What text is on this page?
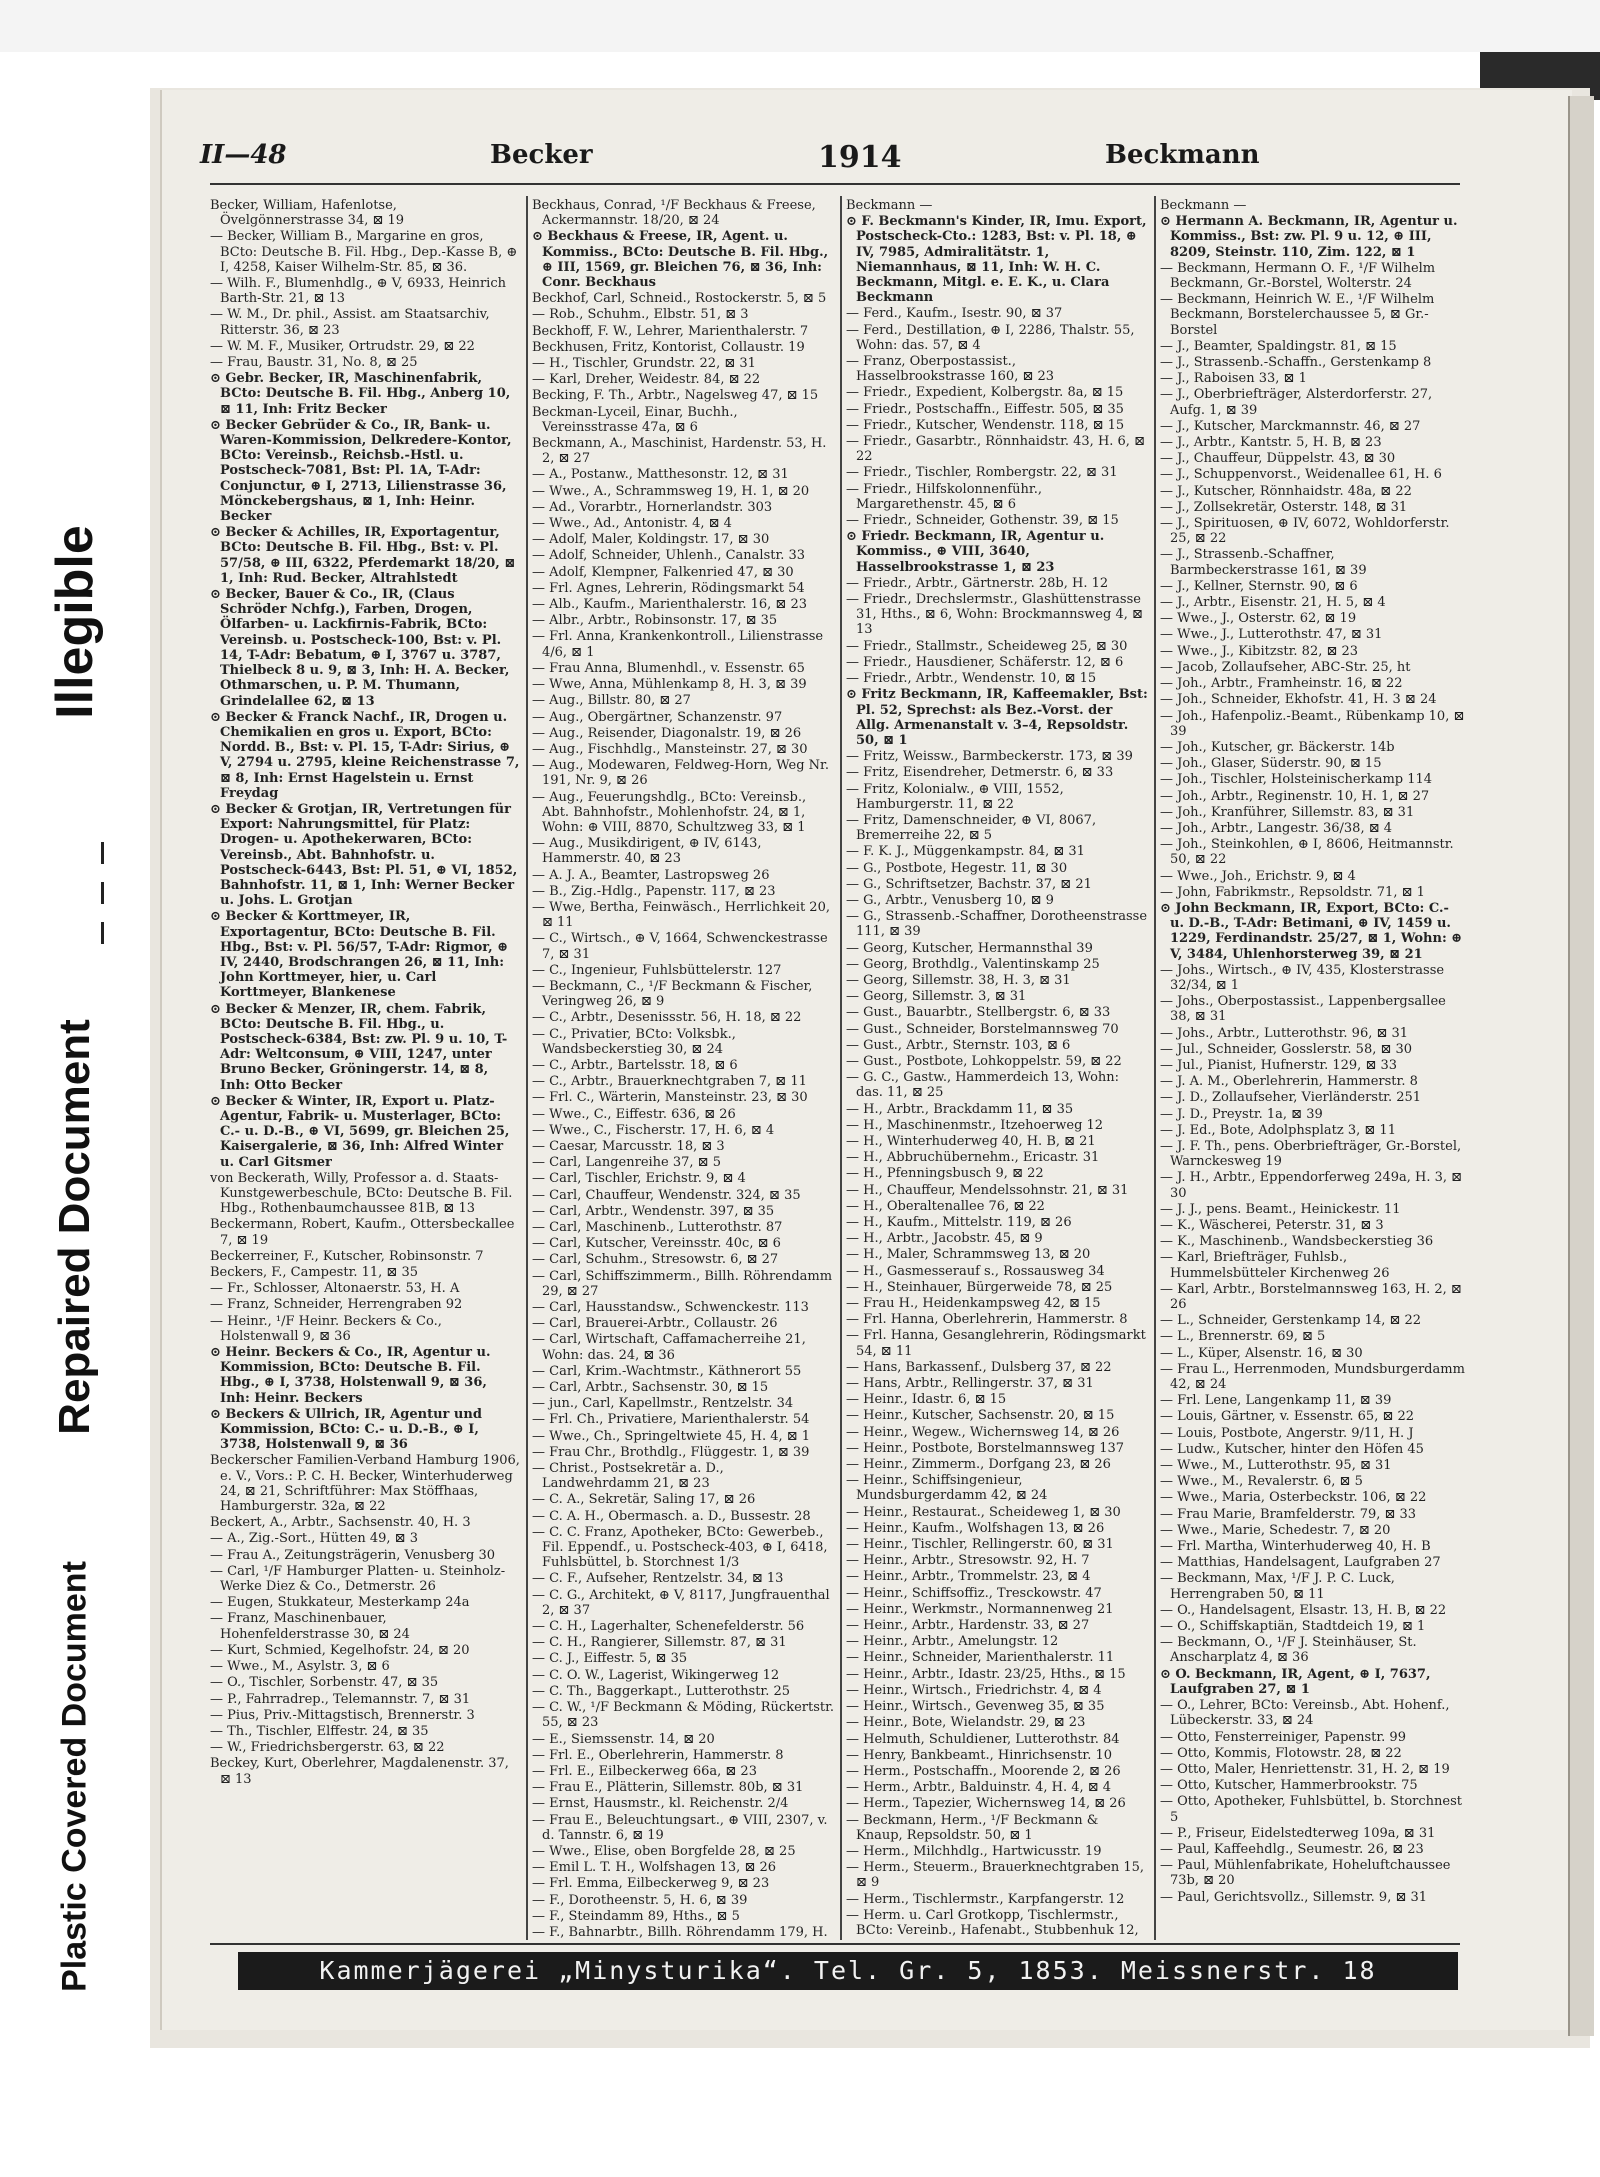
Illegible
Repaired Document
Plastic Covered Document
II—48	Becker	1914	Beckmann
Becker, William, Hafenlotse, Övelgönnerstrasse 34, ⊠ 19
— Becker, William B., Margarine en gros, BCto: Deutsche B. Fil. Hbg., Dep.-Kasse B, ⊕ I, 4258, Kaiser Wilhelm-Str. 85, ⊠ 36.
— Wilh. F., Blumenhdlg., ⊕ V, 6933, Heinrich Barth-Str. 21, ⊠ 13
— W. M., Dr. phil., Assist. am Staatsarchiv, Ritterstr. 36, ⊠ 23
— W. M. F., Musiker, Ortrudstr. 29, ⊠ 22
— Frau, Baustr. 31, No. 8, ⊠ 25
⊙ Gebr. Becker, IR, Maschinenfabrik, BCto: Deutsche B. Fil. Hbg., Anberg 10, ⊠ 11, Inh: Fritz Becker
⊙ Becker Gebrüder & Co., IR, Bank- u. Waren-Kommission, Delkredere-Kontor, BCto: Vereinsb., Reichsb.-Hstl. u. Postscheck-7081, Bst: Pl. 1A, T-Adr: Conjunctur, ⊕ I, 2713, Lilienstrasse 36, Mönckebergshaus, ⊠ 1, Inh: Heinr. Becker
⊙ Becker & Achilles, IR, Exportagentur, BCto: Deutsche B. Fil. Hbg., Bst: v. Pl. 57/58, ⊕ III, 6322, Pferdemarkt 18/20, ⊠ 1, Inh: Rud. Becker, Altrahlstedt
⊙ Becker, Bauer & Co., IR, (Claus Schröder Nchfg.), Farben, Drogen, Ölfarben- u. Lackfirnis-Fabrik, BCto: Vereinsb. u. Postscheck-100, Bst: v. Pl. 14, T-Adr: Bebatum, ⊕ I, 3767 u. 3787, Thielbeck 8 u. 9, ⊠ 3, Inh: H. A. Becker, Othmarschen, u. P. M. Thumann, Grindelallee 62, ⊠ 13
⊙ Becker & Franck Nachf., IR, Drogen u. Chemikalien en gros u. Export, BCto: Nordd. B., Bst: v. Pl. 15, T-Adr: Sirius, ⊕ V, 2794 u. 2795, kleine Reichenstrasse 7, ⊠ 8, Inh: Ernst Hagelstein u. Ernst Freydag
⊙ Becker & Grotjan, IR, Vertretungen für Export: Nahrungsmittel, für Platz: Drogen- u. Apothekerwaren, BCto: Vereinsb., Abt. Bahnhofstr. u. Postscheck-6443, Bst: Pl. 51, ⊕ VI, 1852, Bahnhofstr. 11, ⊠ 1, Inh: Werner Becker u. Johs. L. Grotjan
⊙ Becker & Korttmeyer, IR, Exportagentur, BCto: Deutsche B. Fil. Hbg., Bst: v. Pl. 56/57, T-Adr: Rigmor, ⊕ IV, 2440, Brodschrangen 26, ⊠ 11, Inh: John Korttmeyer, hier, u. Carl Korttmeyer, Blankenese
⊙ Becker & Menzer, IR, chem. Fabrik, BCto: Deutsche B. Fil. Hbg., u. Postscheck-6384, Bst: zw. Pl. 9 u. 10, T-Adr: Weltconsum, ⊕ VIII, 1247, unter Bruno Becker, Gröningerstr. 14, ⊠ 8, Inh: Otto Becker
⊙ Becker & Winter, IR, Export u. Platz-Agentur, Fabrik- u. Musterlager, BCto: C.- u. D.-B., ⊕ VI, 5699, gr. Bleichen 25, Kaisergalerie, ⊠ 36, Inh: Alfred Winter u. Carl Gitsmer
von Beckerath, Willy, Professor a. d. Staats-Kunstgewerbeschule, BCto: Deutsche B. Fil. Hbg., Rothenbaumchaussee 81B, ⊠ 13
Beckermann, Robert, Kaufm., Ottersbeckallee 7, ⊠ 19
Beckerreiner, F., Kutscher, Robinsonstr. 7
Beckers, F., Campestr. 11, ⊠ 35
— Fr., Schlosser, Altonaerstr. 53, H. A
— Franz, Schneider, Herrengraben 92
— Heinr., ¹/F Heinr. Beckers & Co., Holstenwall 9, ⊠ 36
⊙ Heinr. Beckers & Co., IR, Agentur u. Kommission, BCto: Deutsche B. Fil. Hbg., ⊕ I, 3738, Holstenwall 9, ⊠ 36, Inh: Heinr. Beckers
⊙ Beckers & Ullrich, IR, Agentur und Kommission, BCto: C.- u. D.-B., ⊕ I, 3738, Holstenwall 9, ⊠ 36
Beckerscher Familien-Verband Hamburg 1906, e. V., Vors.: P. C. H. Becker, Winterhuderweg 24, ⊠ 21, Schriftführer: Max Stöffhaas, Hamburgerstr. 32a, ⊠ 22
Beckert, A., Arbtr., Sachsenstr. 40, H. 3
— A., Zig.-Sort., Hütten 49, ⊠ 3
— Frau A., Zeitungsträgerin, Venusberg 30
— Carl, ¹/F Hamburger Platten- u. Steinholz-Werke Diez & Co., Detmerstr. 26
— Eugen, Stukkateur, Mesterkamp 24a
— Franz, Maschinenbauer, Hohenfelderstrasse 30, ⊠ 24
— Kurt, Schmied, Kegelhofstr. 24, ⊠ 20
— Wwe., M., Asylstr. 3, ⊠ 6
— O., Tischler, Sorbenstr. 47, ⊠ 35
— P., Fahrradrep., Telemannstr. 7, ⊠ 31
— Pius, Priv.-Mittagstisch, Brennerstr. 3
— Th., Tischler, Elffestr. 24, ⊠ 35
— W., Friedrichsbergerstr. 63, ⊠ 22
Beckey, Kurt, Oberlehrer, Magdalenenstr. 37, ⊠ 13
Beckhaus, Conrad, ¹/F Beckhaus & Freese, Ackermannstr. 18/20, ⊠ 24
⊙ Beckhaus & Freese, IR, Agent. u. Kommiss., BCto: Deutsche B. Fil. Hbg., ⊕ III, 1569, gr. Bleichen 76, ⊠ 36, Inh: Conr. Beckhaus
Beckhof, Carl, Schneid., Rostockerstr. 5, ⊠ 5
— Rob., Schuhm., Elbstr. 51, ⊠ 3
Beckhoff, F. W., Lehrer, Marienthalerstr. 7
Beckhusen, Fritz, Kontorist, Collaustr. 19
— H., Tischler, Grundstr. 22, ⊠ 31
— Karl, Dreher, Weidestr. 84, ⊠ 22
Becking, F. Th., Arbtr., Nagelsweg 47, ⊠ 15
Beckman-Lyceil, Einar, Buchh., Vereinsstrasse 47a, ⊠ 6
Beckmann, A., Maschinist, Hardenstr. 53, H. 2, ⊠ 27
— A., Postanw., Matthesonstr. 12, ⊠ 31
— Wwe., A., Schrammsweg 19, H. 1, ⊠ 20
— Ad., Vorarbtr., Hornerlandstr. 303
— Wwe., Ad., Antonistr. 4, ⊠ 4
— Adolf, Maler, Koldingstr. 17, ⊠ 30
— Adolf, Schneider, Uhlenh., Canalstr. 33
— Adolf, Klempner, Falkenried 47, ⊠ 30
— Frl. Agnes, Lehrerin, Rödingsmarkt 54
— Alb., Kaufm., Marienthalerstr. 16, ⊠ 23
— Albr., Arbtr., Robinsonstr. 17, ⊠ 35
— Frl. Anna, Krankenkontroll., Lilienstrasse 4/6, ⊠ 1
— Frau Anna, Blumenhdl., v. Essenstr. 65
— Wwe, Anna, Mühlenkamp 8, H. 3, ⊠ 39
— Aug., Billstr. 80, ⊠ 27
— Aug., Obergärtner, Schanzenstr. 97
— Aug., Reisender, Diagonalstr. 19, ⊠ 26
— Aug., Fischhdlg., Mansteinstr. 27, ⊠ 30
— Aug., Modewaren, Feldweg-Horn, Weg Nr. 191, Nr. 9, ⊠ 26
— Aug., Feuerungshdlg., BCto: Vereinsb., Abt. Bahnhofstr., Mohlenhofstr. 24, ⊠ 1, Wohn: ⊕ VIII, 8870, Schultzweg 33, ⊠ 1
— Aug., Musikdirigent, ⊕ IV, 6143, Hammerstr. 40, ⊠ 23
— A. J. A., Beamter, Lastropsweg 26
— B., Zig.-Hdlg., Papenstr. 117, ⊠ 23
— Wwe, Bertha, Feinwäsch., Herrlichkeit 20, ⊠ 11
— C., Wirtsch., ⊕ V, 1664, Schwenckestrasse 7, ⊠ 31
— C., Ingenieur, Fuhlsbüttelerstr. 127
— Beckmann, C., ¹/F Beckmann & Fischer, Veringweg 26, ⊠ 9
— C., Arbtr., Desenissstr. 56, H. 18, ⊠ 22
— C., Privatier, BCto: Volksbk., Wandsbeckerstieg 30, ⊠ 24
— C., Arbtr., Bartelsstr. 18, ⊠ 6
— C., Arbtr., Brauerknechtgraben 7, ⊠ 11
— Frl. C., Wärterin, Mansteinstr. 23, ⊠ 30
— Wwe., C., Eiffestr. 636, ⊠ 26
— Wwe., C., Fischerstr. 17, H. 6, ⊠ 4
— Caesar, Marcusstr. 18, ⊠ 3
— Carl, Langenreihe 37, ⊠ 5
— Carl, Tischler, Erichstr. 9, ⊠ 4
— Carl, Chauffeur, Wendenstr. 324, ⊠ 35
— Carl, Arbtr., Wendenstr. 397, ⊠ 35
— Carl, Maschinenb., Lutterothstr. 87
— Carl, Kutscher, Vereinsstr. 40c, ⊠ 6
— Carl, Schuhm., Stresowstr. 6, ⊠ 27
— Carl, Schiffszimmerm., Billh. Röhrendamm 29, ⊠ 27
— Carl, Hausstandsw., Schwenckestr. 113
— Carl, Brauerei-Arbtr., Collaustr. 26
— Carl, Wirtschaft, Caffamacherreihe 21, Wohn: das. 24, ⊠ 36
— Carl, Krim.-Wachtmstr., Käthnerort 55
— Carl, Arbtr., Sachsenstr. 30, ⊠ 15
— jun., Carl, Kapellmstr., Rentzelstr. 34
— Frl. Ch., Privatiere, Marienthalerstr. 54
— Wwe., Ch., Springeltwiete 45, H. 4, ⊠ 1
— Frau Chr., Brothdlg., Flüggestr. 1, ⊠ 39
— Christ., Postsekretär a. D., Landwehrdamm 21, ⊠ 23
— C. A., Sekretär, Saling 17, ⊠ 26
— C. A. H., Obermasch. a. D., Bussestr. 28
— C. C. Franz, Apotheker, BCto: Gewerbeb., Fil. Eppendf., u. Postscheck-403, ⊕ I, 6418, Fuhlsbüttel, b. Storchnest 1/3
— C. F., Aufseher, Rentzelstr. 34, ⊠ 13
— C. G., Architekt, ⊕ V, 8117, Jungfrauenthal 2, ⊠ 37
— C. H., Lagerhalter, Schenefelderstr. 56
— C. H., Rangierer, Sillemstr. 87, ⊠ 31
— C. J., Eiffestr. 5, ⊠ 35
— C. O. W., Lagerist, Wikingerweg 12
— C. Th., Baggerkapt., Lutterothstr. 25
— C. W., ¹/F Beckmann & Möding, Rückertstr. 55, ⊠ 23
— E., Siemssenstr. 14, ⊠ 20
— Frl. E., Oberlehrerin, Hammerstr. 8
— Frl. E., Eilbeckerweg 66a, ⊠ 23
— Frau E., Plätterin, Sillemstr. 80b, ⊠ 31
— Ernst, Hausmstr., kl. Reichenstr. 2/4
— Frau E., Beleuchtungsart., ⊕ VIII, 2307, v. d. Tannstr. 6, ⊠ 19
— Wwe., Elise, oben Borgfelde 28, ⊠ 25
— Emil L. T. H., Wolfshagen 13, ⊠ 26
— Frl. Emma, Eilbeckerweg 9, ⊠ 23
— F., Dorotheenstr. 5, H. 6, ⊠ 39
— F., Steindamm 89, Hths., ⊠ 5
— F., Bahnarbtr., Billh. Röhrendamm 179, H.
Beckmann —
⊙ F. Beckmann's Kinder, IR, Imu. Export, Postscheck-Cto.: 1283, Bst: v. Pl. 18, ⊕ IV, 7985, Admiralitätstr. 1, Niemannhaus, ⊠ 11, Inh: W. H. C. Beckmann, Mitgl. e. E. K., u. Clara Beckmann
— Ferd., Kaufm., Isestr. 90, ⊠ 37
— Ferd., Destillation, ⊕ I, 2286, Thalstr. 55, Wohn: das. 57, ⊠ 4
— Franz, Oberpostassist., Hasselbrookstrasse 160, ⊠ 23
— Friedr., Expedient, Kolbergstr. 8a, ⊠ 15
— Friedr., Postschaffn., Eiffestr. 505, ⊠ 35
— Friedr., Kutscher, Wendenstr. 118, ⊠ 15
— Friedr., Gasarbtr., Rönnhaidstr. 43, H. 6, ⊠ 22
— Friedr., Tischler, Rombergstr. 22, ⊠ 31
— Friedr., Hilfskolonnenführ., Margarethenstr. 45, ⊠ 6
— Friedr., Schneider, Gothenstr. 39, ⊠ 15
⊙ Friedr. Beckmann, IR, Agentur u. Kommiss., ⊕ VIII, 3640, Hasselbrookstrasse 1, ⊠ 23
— Friedr., Arbtr., Gärtnerstr. 28b, H. 12
— Friedr., Drechslermstr., Glashüttenstrasse 31, Hths., ⊠ 6, Wohn: Brockmannsweg 4, ⊠ 13
— Friedr., Stallmstr., Scheideweg 25, ⊠ 30
— Friedr., Hausdiener, Schäferstr. 12, ⊠ 6
— Friedr., Arbtr., Wendenstr. 10, ⊠ 15
⊙ Fritz Beckmann, IR, Kaffeemakler, Bst: Pl. 52, Sprechst: als Bez.-Vorst. der Allg. Armenanstalt v. 3–4, Repsoldstr. 50, ⊠ 1
— Fritz, Weissw., Barmbeckerstr. 173, ⊠ 39
— Fritz, Eisendreher, Detmerstr. 6, ⊠ 33
— Fritz, Kolonialw., ⊕ VIII, 1552, Hamburgerstr. 11, ⊠ 22
— Fritz, Damenschneider, ⊕ VI, 8067, Bremerreihe 22, ⊠ 5
— F. K. J., Müggenkampstr. 84, ⊠ 31
— G., Postbote, Hegestr. 11, ⊠ 30
— G., Schriftsetzer, Bachstr. 37, ⊠ 21
— G., Arbtr., Venusberg 10, ⊠ 9
— G., Strassenb.-Schaffner, Dorotheenstrasse 111, ⊠ 39
— Georg, Kutscher, Hermannsthal 39
— Georg, Brothdlg., Valentinskamp 25
— Georg, Sillemstr. 38, H. 3, ⊠ 31
— Georg, Sillemstr. 3, ⊠ 31
— Gust., Bauarbtr., Stellbergstr. 6, ⊠ 33
— Gust., Schneider, Borstelmannsweg 70
— Gust., Arbtr., Sternstr. 103, ⊠ 6
— Gust., Postbote, Lohkoppelstr. 59, ⊠ 22
— G. C., Gastw., Hammerdeich 13, Wohn: das. 11, ⊠ 25
— H., Arbtr., Brackdamm 11, ⊠ 35
— H., Maschinenmstr., Itzehoerweg 12
— H., Winterhuderweg 40, H. B, ⊠ 21
— H., Abbruchübernehm., Ericastr. 31
— H., Pfenningsbusch 9, ⊠ 22
— H., Chauffeur, Mendelssohnstr. 21, ⊠ 31
— H., Oberaltenallee 76, ⊠ 22
— H., Kaufm., Mittelstr. 119, ⊠ 26
— H., Arbtr., Jacobstr. 45, ⊠ 9
— H., Maler, Schrammsweg 13, ⊠ 20
— H., Gasmesserauf s., Rossausweg 34
— H., Steinhauer, Bürgerweide 78, ⊠ 25
— Frau H., Heidenkampsweg 42, ⊠ 15
— Frl. Hanna, Oberlehrerin, Hammerstr. 8
— Frl. Hanna, Gesanglehrerin, Rödingsmarkt 54, ⊠ 11
— Hans, Barkassenf., Dulsberg 37, ⊠ 22
— Hans, Arbtr., Rellingerstr. 37, ⊠ 31
— Heinr., Idastr. 6, ⊠ 15
— Heinr., Kutscher, Sachsenstr. 20, ⊠ 15
— Heinr., Wegew., Wichernsweg 14, ⊠ 26
— Heinr., Postbote, Borstelmannsweg 137
— Heinr., Zimmerm., Dorfgang 23, ⊠ 26
— Heinr., Schiffsingenieur, Mundsburgerdamm 42, ⊠ 24
— Heinr., Restaurat., Scheideweg 1, ⊠ 30
— Heinr., Kaufm., Wolfshagen 13, ⊠ 26
— Heinr., Tischler, Rellingerstr. 60, ⊠ 31
— Heinr., Arbtr., Stresowstr. 92, H. 7
— Heinr., Arbtr., Trommelstr. 23, ⊠ 4
— Heinr., Schiffsoffiz., Tresckowstr. 47
— Heinr., Werkmstr., Normannenweg 21
— Heinr., Arbtr., Hardenstr. 33, ⊠ 27
— Heinr., Arbtr., Amelungstr. 12
— Heinr., Schneider, Marienthalerstr. 11
— Heinr., Arbtr., Idastr. 23/25, Hths., ⊠ 15
— Heinr., Wirtsch., Friedrichstr. 4, ⊠ 4
— Heinr., Wirtsch., Gevenweg 35, ⊠ 35
— Heinr., Bote, Wielandstr. 29, ⊠ 23
— Helmuth, Schuldiener, Lutterothstr. 84
— Henry, Bankbeamt., Hinrichsenstr. 10
— Herm., Postschaffn., Moorende 2, ⊠ 26
— Herm., Arbtr., Balduinstr. 4, H. 4, ⊠ 4
— Herm., Tapezier, Wichernsweg 14, ⊠ 26
— Beckmann, Herm., ¹/F Beckmann & Knaup, Repsoldstr. 50, ⊠ 1
— Herm., Milchhdlg., Hartwicusstr. 19
— Herm., Steuerm., Brauerknechtgraben 15, ⊠ 9
— Herm., Tischlermstr., Karpfangerstr. 12
— Herm. u. Carl Grotkopp, Tischlermstr., BCto: Vereinb., Hafenabt., Stubbenhuk 12,
Beckmann —
⊙ Hermann A. Beckmann, IR, Agentur u. Kommiss., Bst: zw. Pl. 9 u. 12, ⊕ III, 8209, Steinstr. 110, Zim. 122, ⊠ 1
— Beckmann, Hermann O. F., ¹/F Wilhelm Beckmann, Gr.-Borstel, Wolterstr. 24
— Beckmann, Heinrich W. E., ¹/F Wilhelm Beckmann, Borstelerchaussee 5, ⊠ Gr.-Borstel
— J., Beamter, Spaldingstr. 81, ⊠ 15
— J., Strassenb.-Schaffn., Gerstenkamp 8
— J., Raboisen 33, ⊠ 1
— J., Oberbriefträger, Alsterdorferstr. 27, Aufg. 1, ⊠ 39
— J., Kutscher, Marckmannstr. 46, ⊠ 27
— J., Arbtr., Kantstr. 5, H. B, ⊠ 23
— J., Chauffeur, Düppelstr. 43, ⊠ 30
— J., Schuppenvorst., Weidenallee 61, H. 6
— J., Kutscher, Rönnhaidstr. 48a, ⊠ 22
— J., Zollsekretär, Osterstr. 148, ⊠ 31
— J., Spirituosen, ⊕ IV, 6072, Wohldorferstr. 25, ⊠ 22
— J., Strassenb.-Schaffner, Barmbeckerstrasse 161, ⊠ 39
— J., Kellner, Sternstr. 90, ⊠ 6
— J., Arbtr., Eisenstr. 21, H. 5, ⊠ 4
— Wwe., J., Osterstr. 62, ⊠ 19
— Wwe., J., Lutterothstr. 47, ⊠ 31
— Wwe., J., Kibitzstr. 82, ⊠ 23
— Jacob, Zollaufseher, ABC-Str. 25, ht
— Joh., Arbtr., Framheinstr. 16, ⊠ 22
— Joh., Schneider, Ekhofstr. 41, H. 3 ⊠ 24
— Joh., Hafenpoliz.-Beamt., Rübenkamp 10, ⊠ 39
— Joh., Kutscher, gr. Bäckerstr. 14b
— Joh., Glaser, Süderstr. 90, ⊠ 15
— Joh., Tischler, Holsteinischerkamp 114
— Joh., Arbtr., Reginenstr. 10, H. 1, ⊠ 27
— Joh., Kranführer, Sillemstr. 83, ⊠ 31
— Joh., Arbtr., Langestr. 36/38, ⊠ 4
— Joh., Steinkohlen, ⊕ I, 8606, Heitmannstr. 50, ⊠ 22
— Wwe., Joh., Erichstr. 9, ⊠ 4
— John, Fabrikmstr., Repsoldstr. 71, ⊠ 1
⊙ John Beckmann, IR, Export, BCto: C.- u. D.-B., T-Adr: Betimani, ⊕ IV, 1459 u. 1229, Ferdinandstr. 25/27, ⊠ 1, Wohn: ⊕ V, 3484, Uhlenhorsterweg 39, ⊠ 21
— Johs., Wirtsch., ⊕ IV, 435, Klosterstrasse 32/34, ⊠ 1
— Johs., Oberpostassist., Lappenbergsallee 38, ⊠ 31
— Johs., Arbtr., Lutterothstr. 96, ⊠ 31
— Jul., Schneider, Gosslerstr. 58, ⊠ 30
— Jul., Pianist, Hufnerstr. 129, ⊠ 33
— J. A. M., Oberlehrerin, Hammerstr. 8
— J. D., Zollaufseher, Vierländerstr. 251
— J. D., Preystr. 1a, ⊠ 39
— J. Ed., Bote, Adolphsplatz 3, ⊠ 11
— J. F. Th., pens. Oberbriefträger, Gr.-Borstel, Warnckesweg 19
— J. H., Arbtr., Eppendorferweg 249a, H. 3, ⊠ 30
— J. J., pens. Beamt., Heinickestr. 11
— K., Wäscherei, Peterstr. 31, ⊠ 3
— K., Maschinenb., Wandsbeckerstieg 36
— Karl, Briefträger, Fuhlsb., Hummelsbütteler Kirchenweg 26
— Karl, Arbtr., Borstelmannsweg 163, H. 2, ⊠ 26
— L., Schneider, Gerstenkamp 14, ⊠ 22
— L., Brennerstr. 69, ⊠ 5
— L., Küper, Alsenstr. 16, ⊠ 30
— Frau L., Herrenmoden, Mundsburgerdamm 42, ⊠ 24
— Frl. Lene, Langenkamp 11, ⊠ 39
— Louis, Gärtner, v. Essenstr. 65, ⊠ 22
— Louis, Postbote, Angerstr. 9/11, H. J
— Ludw., Kutscher, hinter den Höfen 45
— Wwe., M., Lutterothstr. 95, ⊠ 31
— Wwe., M., Revalerstr. 6, ⊠ 5
— Wwe., Maria, Osterbeckstr. 106, ⊠ 22
— Frau Marie, Bramfelderstr. 79, ⊠ 33
— Wwe., Marie, Schedestr. 7, ⊠ 20
— Frl. Martha, Winterhuderweg 40, H. B
— Matthias, Handelsagent, Laufgraben 27
— Beckmann, Max, ¹/F J. P. C. Luck, Herrengraben 50, ⊠ 11
— O., Handelsagent, Elsastr. 13, H. B, ⊠ 22
— O., Schiffskaptiän, Stadtdeich 19, ⊠ 1
— Beckmann, O., ¹/F J. Steinhäuser, St. Anscharplatz 4, ⊠ 36
⊙ O. Beckmann, IR, Agent, ⊕ I, 7637, Laufgraben 27, ⊠ 1
— O., Lehrer, BCto: Vereinsb., Abt. Hohenf., Lübeckerstr. 33, ⊠ 24
— Otto, Fensterreiniger, Papenstr. 99
— Otto, Kommis, Flotowstr. 28, ⊠ 22
— Otto, Maler, Henriettenstr. 31, H. 2, ⊠ 19
— Otto, Kutscher, Hammerbrookstr. 75
— Otto, Apotheker, Fuhlsbüttel, b. Storchnest 5
— P., Friseur, Eidelstedterweg 109a, ⊠ 31
— Paul, Kaffeehdlg., Seumestr. 26, ⊠ 23
— Paul, Mühlenfabrikate, Hoheluftchaussee 73b, ⊠ 20
— Paul, Gerichtsvollz., Sillemstr. 9, ⊠ 31
Kammerjägerei „Minysturika“. Tel. Gr. 5, 1853. Meissnerstr. 18
